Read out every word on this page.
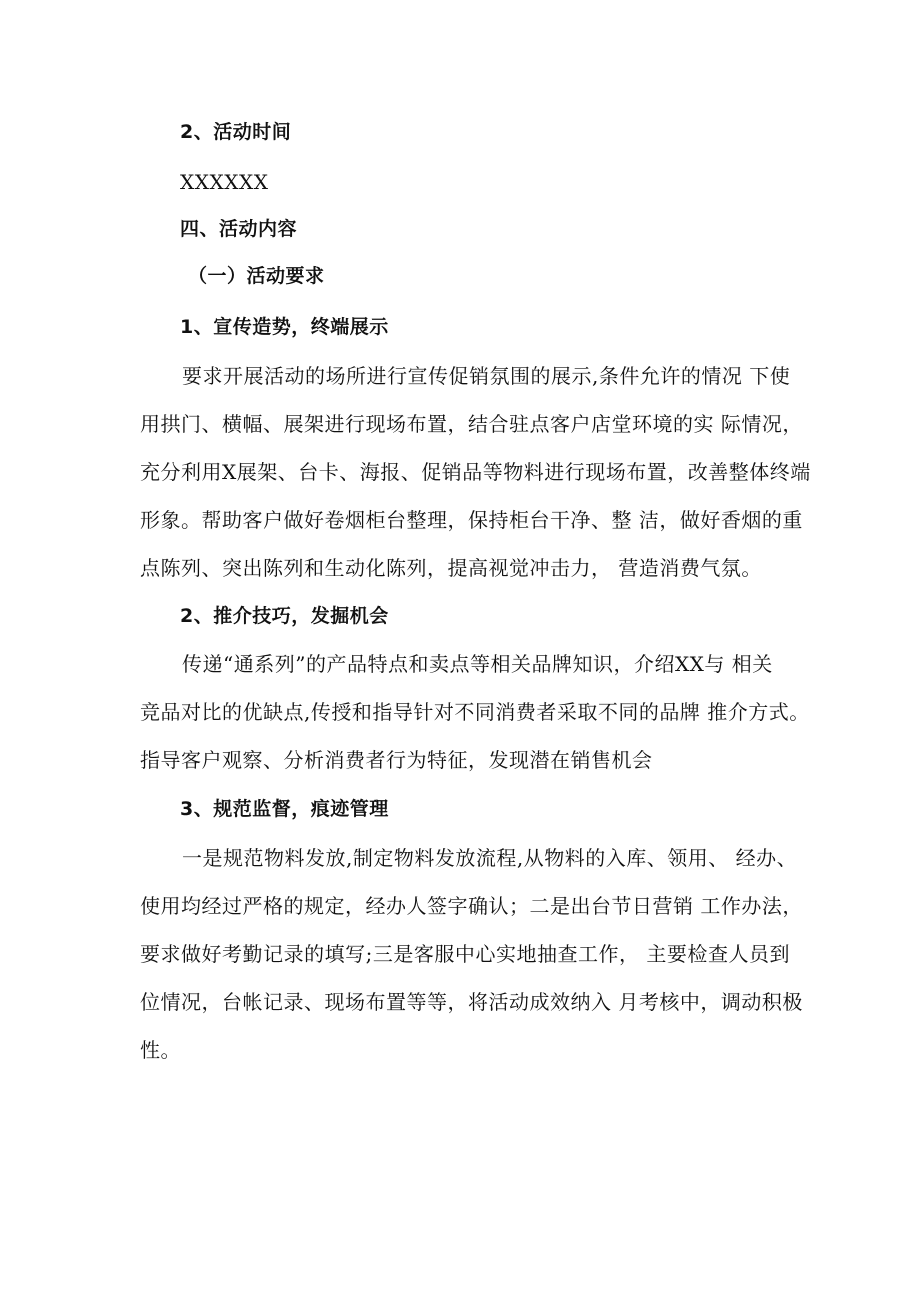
2、活动时间
XXXXXX
四、活动内容
（一）活动要求
1、宣传造势，终端展示
要求开展活动的场所进行宣传促销氛围的展示,条件允许的情况 下使
用拱门、横幅、展架进行现场布置，结合驻点客户店堂环境的实 际情况，
充分利用X展架、台卡、海报、促销品等物料进行现场布置，改善整体终端
形象。帮助客户做好卷烟柜台整理，保持柜台干净、整 洁，做好香烟的重
点陈列、突出陈列和生动化陈列，提高视觉冲击力， 营造消费气氛。
2、推介技巧，发掘机会
传递“通系列”的产品特点和卖点等相关品牌知识，介绍XX与 相关
竞品对比的优缺点,传授和指导针对不同消费者采取不同的品牌 推介方式。
指导客户观察、分析消费者行为特征，发现潜在销售机会
3、规范监督，痕迹管理
一是规范物料发放,制定物料发放流程,从物料的入库、领用、 经办、
使用均经过严格的规定，经办人签字确认；二是出台节日营销 工作办法，
要求做好考勤记录的填写;三是客服中心实地抽查工作， 主要检查人员到
位情况，台帐记录、现场布置等等，将活动成效纳入 月考核中，调动积极
性。
